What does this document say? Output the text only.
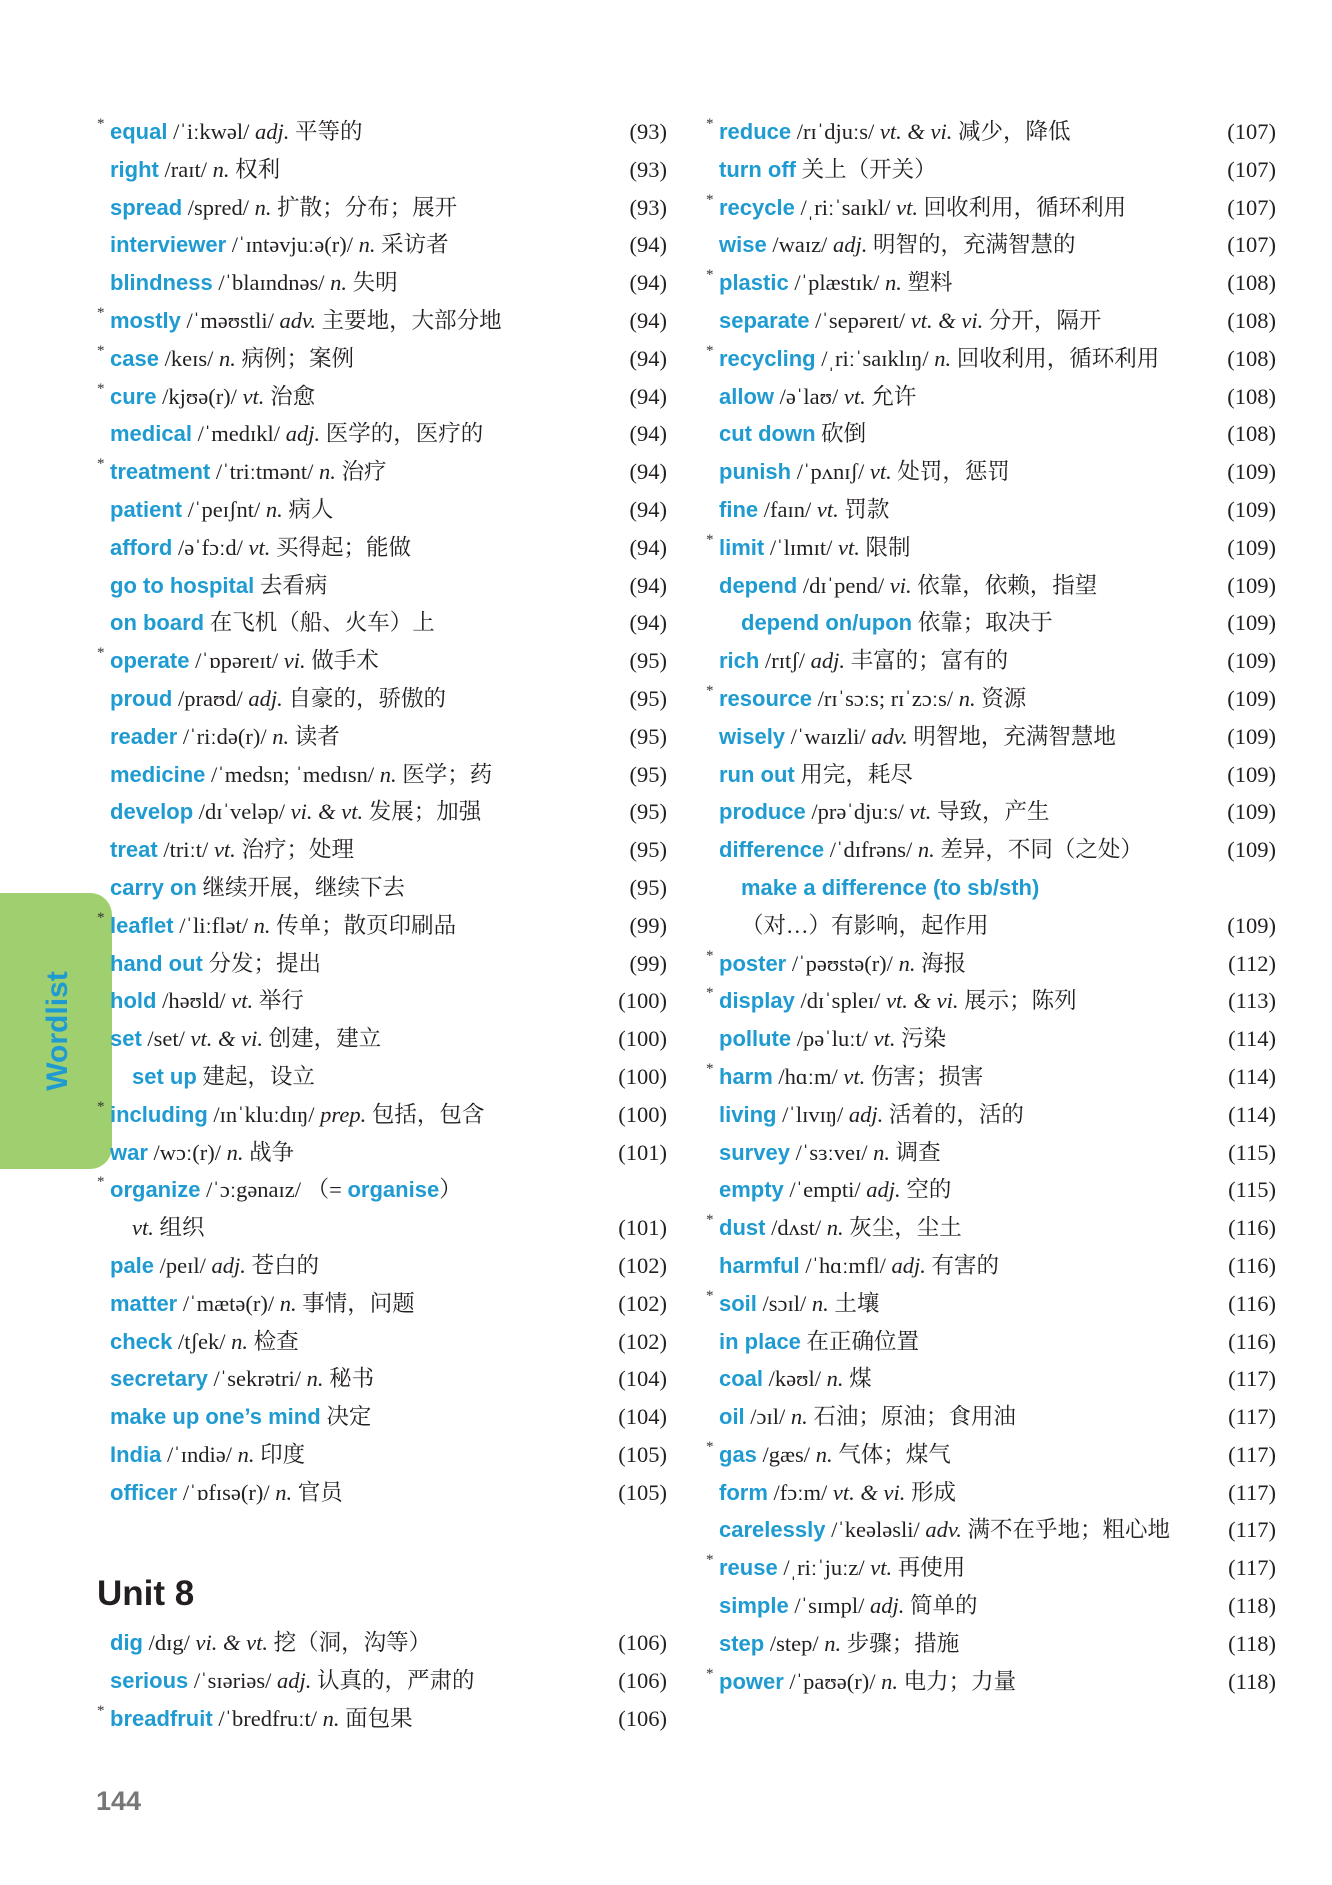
Wordlist
* equal /ˈiːkwəl/ adj. 平等的	(93)
right /raɪt/ n. 权利	(93)
spread /spred/ n. 扩散；分布；展开	(93)
interviewer /ˈɪntəvjuːə(r)/ n. 采访者	(94)
blindness /ˈblaɪndnəs/ n. 失明	(94)
* mostly /ˈməʊstli/ adv. 主要地，大部分地	(94)
* case /keɪs/ n. 病例；案例	(94)
* cure /kjʊə(r)/ vt. 治愈	(94)
medical /ˈmedɪkl/ adj. 医学的，医疗的	(94)
* treatment /ˈtriːtmənt/ n. 治疗	(94)
patient /ˈpeɪʃnt/ n. 病人	(94)
afford /əˈfɔːd/ vt. 买得起；能做	(94)
go to hospital 去看病	(94)
on board 在飞机（船、火车）上	(94)
* operate /ˈɒpəreɪt/ vi. 做手术	(95)
proud /praʊd/ adj. 自豪的，骄傲的	(95)
reader /ˈriːdə(r)/ n. 读者	(95)
medicine /ˈmedsn; ˈmedɪsn/ n. 医学；药	(95)
develop /dɪˈveləp/ vi. & vt. 发展；加强	(95)
treat /triːt/ vt. 治疗；处理	(95)
carry on 继续开展，继续下去	(95)
* leaflet /ˈliːflət/ n. 传单；散页印刷品	(99)
hand out 分发；提出	(99)
hold /həʊld/ vt. 举行	(100)
set /set/ vt. & vi. 创建，建立	(100)
set up 建起，设立	(100)
* including /ɪnˈkluːdɪŋ/ prep. 包括，包含	(100)
war /wɔː(r)/ n. 战争	(101)
* organize /ˈɔːgənaɪz/ （= organise）
vt. 组织	(101)
pale /peɪl/ adj. 苍白的	(102)
matter /ˈmætə(r)/ n. 事情，问题	(102)
check /tʃek/ n. 检查	(102)
secretary /ˈsekrətri/ n. 秘书	(104)
make up one’s mind 决定	(104)
India /ˈɪndiə/ n. 印度	(105)
officer /ˈɒfɪsə(r)/ n. 官员	(105)
Unit 8
dig /dɪg/ vi. & vt. 挖（洞，沟等）	(106)
serious /ˈsɪəriəs/ adj. 认真的，严肃的	(106)
* breadfruit /ˈbredfruːt/ n. 面包果	(106)
* reduce /rɪˈdjuːs/ vt. & vi. 减少，降低	(107)
turn off 关上（开关）	(107)
* recycle /ˌriːˈsaɪkl/ vt. 回收利用，循环利用	(107)
wise /waɪz/ adj. 明智的，充满智慧的	(107)
* plastic /ˈplæstɪk/ n. 塑料	(108)
separate /ˈsepəreɪt/ vt. & vi. 分开，隔开	(108)
* recycling /ˌriːˈsaɪklɪŋ/ n. 回收利用，循环利用	(108)
allow /əˈlaʊ/ vt. 允许	(108)
cut down 砍倒	(108)
punish /ˈpʌnɪʃ/ vt. 处罚，惩罚	(109)
fine /faɪn/ vt. 罚款	(109)
* limit /ˈlɪmɪt/ vt. 限制	(109)
depend /dɪˈpend/ vi. 依靠，依赖，指望	(109)
depend on/upon 依靠；取决于	(109)
rich /rɪtʃ/ adj. 丰富的；富有的	(109)
* resource /rɪˈsɔːs; rɪˈzɔːs/ n. 资源	(109)
wisely /ˈwaɪzli/ adv. 明智地，充满智慧地	(109)
run out 用完，耗尽	(109)
produce /prəˈdjuːs/ vt. 导致，产生	(109)
difference /ˈdɪfrəns/ n. 差异，不同（之处）	(109)
make a difference (to sb/sth)
（对…）有影响，起作用	(109)
* poster /ˈpəʊstə(r)/ n. 海报	(112)
* display /dɪˈspleɪ/ vt. & vi. 展示；陈列	(113)
pollute /pəˈluːt/ vt. 污染	(114)
* harm /hɑːm/ vt. 伤害；损害	(114)
living /ˈlɪvɪŋ/ adj. 活着的，活的	(114)
survey /ˈsɜːveɪ/ n. 调查	(115)
empty /ˈempti/ adj. 空的	(115)
* dust /dʌst/ n. 灰尘，尘土	(116)
harmful /ˈhɑːmfl/ adj. 有害的	(116)
* soil /sɔɪl/ n. 土壤	(116)
in place 在正确位置	(116)
coal /kəʊl/ n. 煤	(117)
oil /ɔɪl/ n. 石油；原油；食用油	(117)
* gas /gæs/ n. 气体；煤气	(117)
form /fɔːm/ vt. & vi. 形成	(117)
carelessly /ˈkeələsli/ adv. 满不在乎地；粗心地	(117)
* reuse /ˌriːˈjuːz/ vt. 再使用	(117)
simple /ˈsɪmpl/ adj. 简单的	(118)
step /step/ n. 步骤；措施	(118)
* power /ˈpaʊə(r)/ n. 电力；力量	(118)
144
